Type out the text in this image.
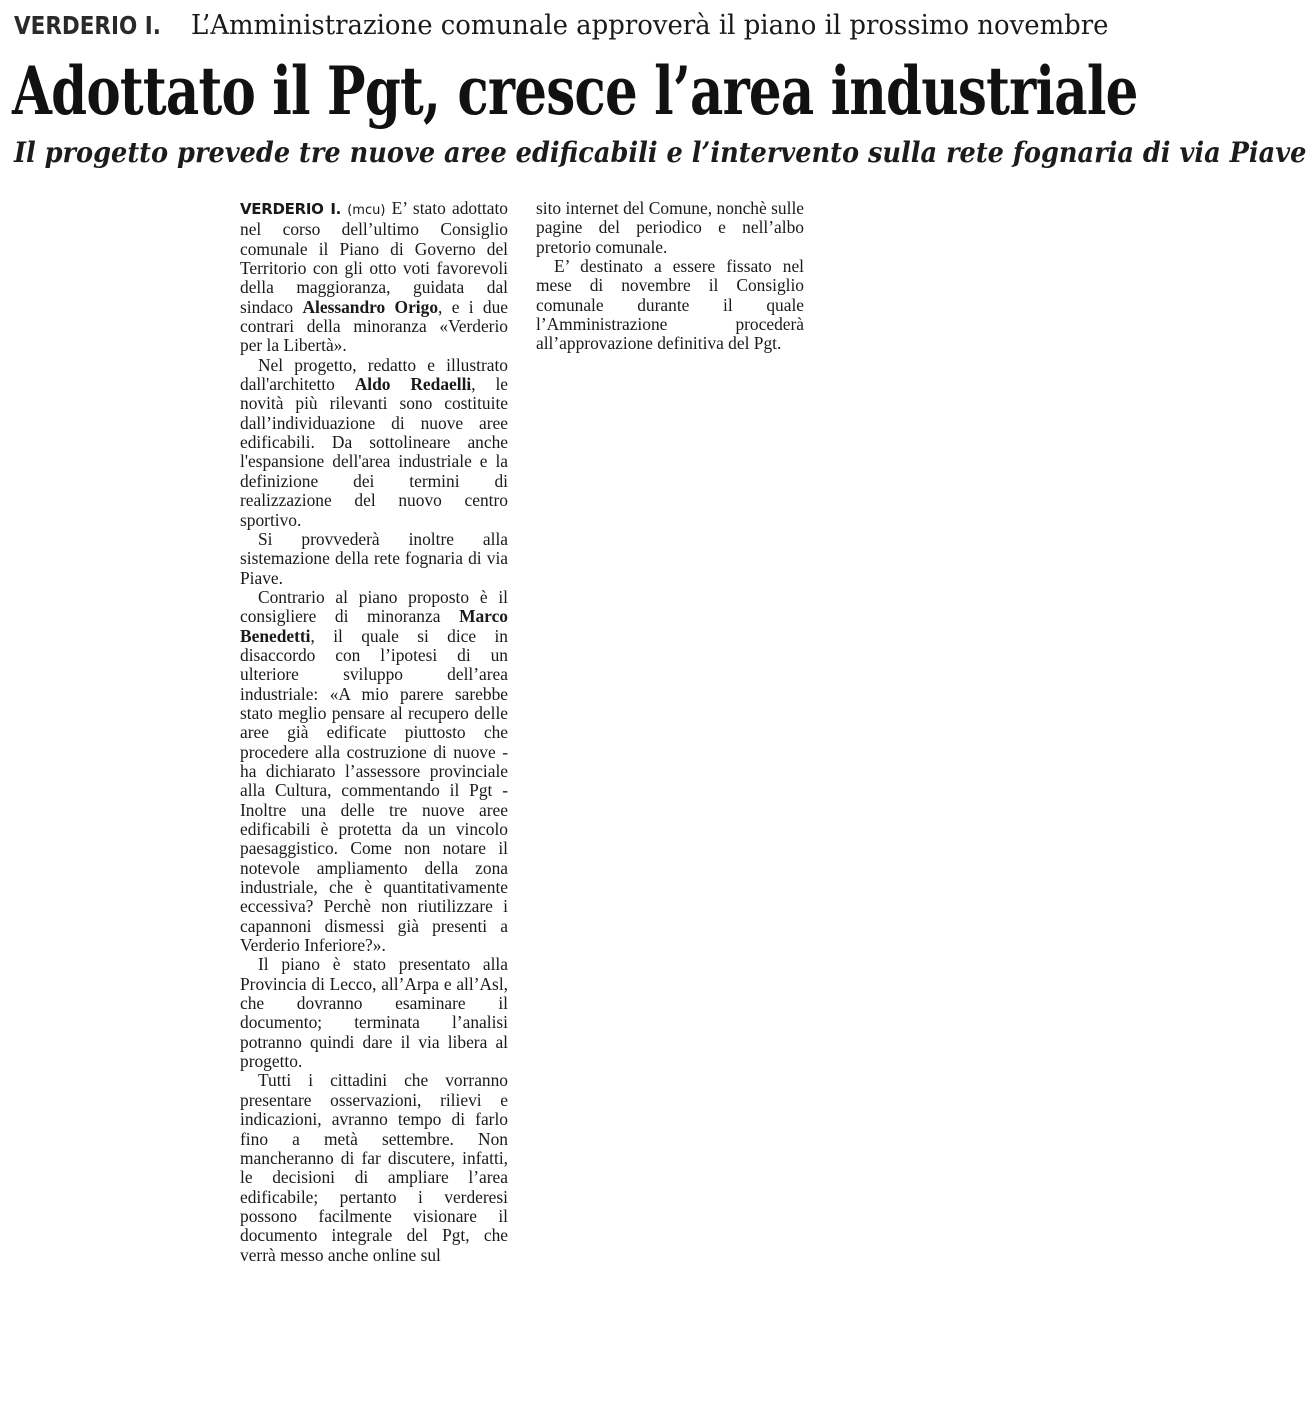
VERDERIO I. L’Amministrazione comunale approverà il piano il prossimo novembre
Adottato il Pgt, cresce l’area industriale
Il progetto prevede tre nuove aree edificabili e l’intervento sulla rete fognaria di via Piave

VERDERIO I. (mcu) E’ stato adottato nel corso dell’ultimo Consiglio comunale il Piano di Governo del Territorio con gli otto voti favorevoli della maggioranza, guidata dal sindaco Alessandro Origo, e i due contrari della minoranza «Verderio per la Libertà».

Nel progetto, redatto e illustrato dall'architetto Aldo Redaelli, le novità più rilevanti sono costituite dall’individuazione di nuove aree edificabili. Da sottolineare anche l'espansione dell'area industriale e la definizione dei termini di realizzazione del nuovo centro sportivo.

Si provvederà inoltre alla sistemazione della rete fognaria di via Piave.

Contrario al piano proposto è il consigliere di minoranza Marco Benedetti, il quale si dice in disaccordo con l’ipotesi di un ulteriore sviluppo dell’area industriale: «A mio parere sarebbe stato meglio pensare al recupero delle aree già edificate piuttosto che procedere alla costruzione di nuove - ha dichiarato l’assessore provinciale alla Cultura, commentando il Pgt - Inoltre una delle tre nuove aree edificabili è protetta da un vincolo paesaggistico. Come non notare il notevole ampliamento della zona industriale, che è quantitativamente eccessiva? Perchè non riutilizzare i capannoni dismessi già presenti a Verderio Inferiore?».

Il piano è stato presentato alla Provincia di Lecco, all’Arpa e all’Asl, che dovranno esaminare il documento; terminata l’analisi potranno quindi dare il via libera al progetto.

Tutti i cittadini che vorranno presentare osservazioni, rilievi e indicazioni, avranno tempo di farlo fino a metà settembre. Non mancheranno di far discutere, infatti, le decisioni di ampliare l’area edificabile; pertanto i verderesi possono facilmente visionare il documento integrale del Pgt, che verrà messo anche online sul

sito internet del Comune, nonchè sulle pagine del periodico e nell’albo pretorio comunale.

E’ destinato a essere fissato nel mese di novembre il Consiglio comunale durante il quale l’Amministrazione procederà all’approvazione definitiva del Pgt.
